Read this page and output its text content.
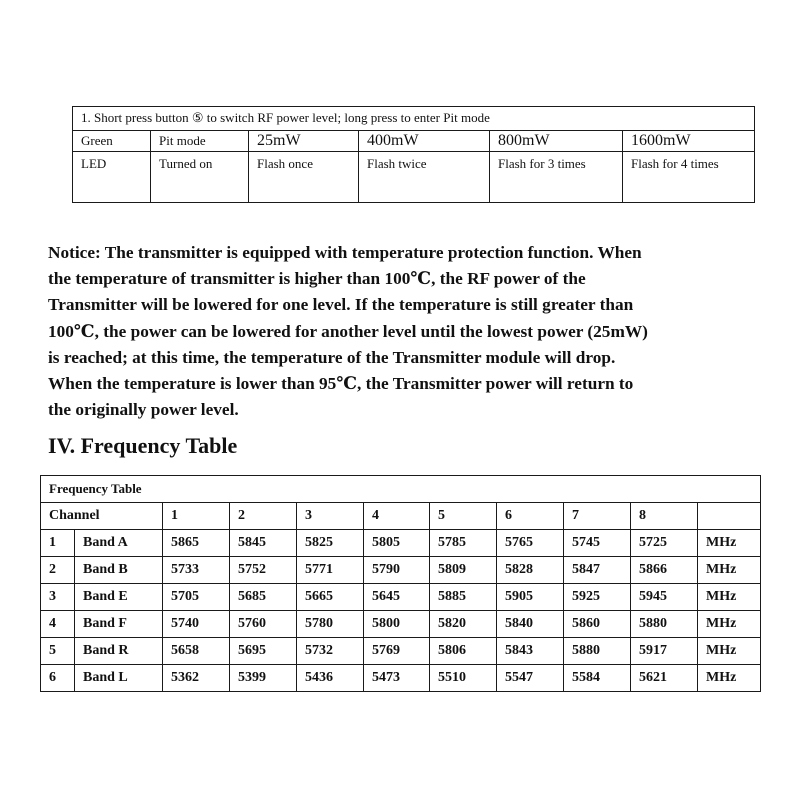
1. Short press button ⑤ to switch RF power level; long press to enter Pit mode					
Green	Pit mode	25mW	400mW	800mW	1600mW
LED	Turned on	Flash once	Flash twice	Flash for 3 times	Flash for 4 times

Notice: The transmitter is equipped with temperature protection function. When
the temperature of transmitter is higher than 100℃, the RF power of the
Transmitter will be lowered for one level. If the temperature is still greater than
100℃, the power can be lowered for another level until the lowest power (25mW)
is reached; at this time, the temperature of the Transmitter module will drop.
When the temperature is lower than 95℃, the Transmitter power will return to
the originally power level.

IV. Frequency Table
Frequency Table										
Channel		1	2	3	4	5	6	7	8	
1	Band A	5865	5845	5825	5805	5785	5765	5745	5725	MHz
2	Band B	5733	5752	5771	5790	5809	5828	5847	5866	MHz
3	Band E	5705	5685	5665	5645	5885	5905	5925	5945	MHz
4	Band F	5740	5760	5780	5800	5820	5840	5860	5880	MHz
5	Band R	5658	5695	5732	5769	5806	5843	5880	5917	MHz
6	Band L	5362	5399	5436	5473	5510	5547	5584	5621	MHz
